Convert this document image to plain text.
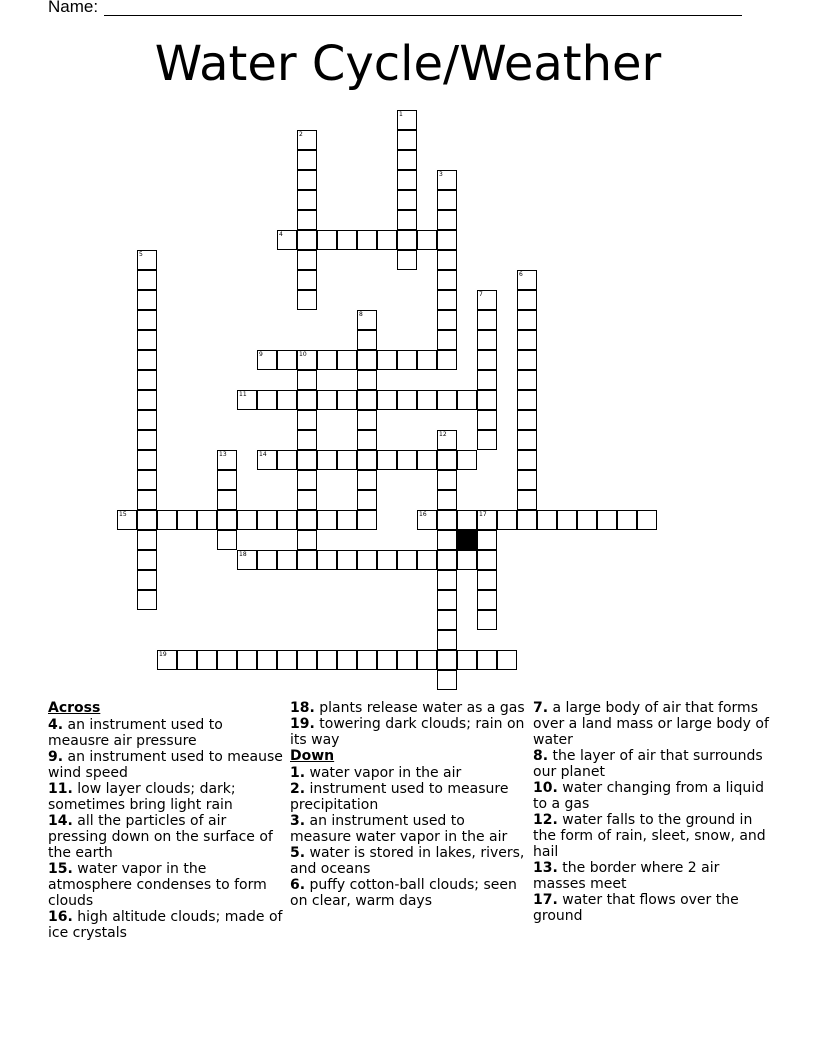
Name:
Water Cycle/Weather
1
2
3
4
5
6
7
8
9	10
11
12
13	14
15	16	17
18
19
Across
4. an instrument used to meausre air pressure
9. an instrument used to meause wind speed
11. low layer clouds; dark; sometimes bring light rain
14. all the particles of air pressing down on the surface of the earth
15. water vapor in the atmosphere condenses to form clouds
16. high altitude clouds; made of ice crystals
18. plants release water as a gas
19. towering dark clouds; rain on its way
Down
1. water vapor in the air
2. instrument used to measure precipitation
3. an instrument used to measure water vapor in the air
5. water is stored in lakes, rivers, and oceans
6. puffy cotton-ball clouds; seen on clear, warm days
7. a large body of air that forms over a land mass or large body of water
8. the layer of air that surrounds our planet
10. water changing from a liquid to a gas
12. water falls to the ground in the form of rain, sleet, snow, and hail
13. the border where 2 air masses meet
17. water that flows over the ground
